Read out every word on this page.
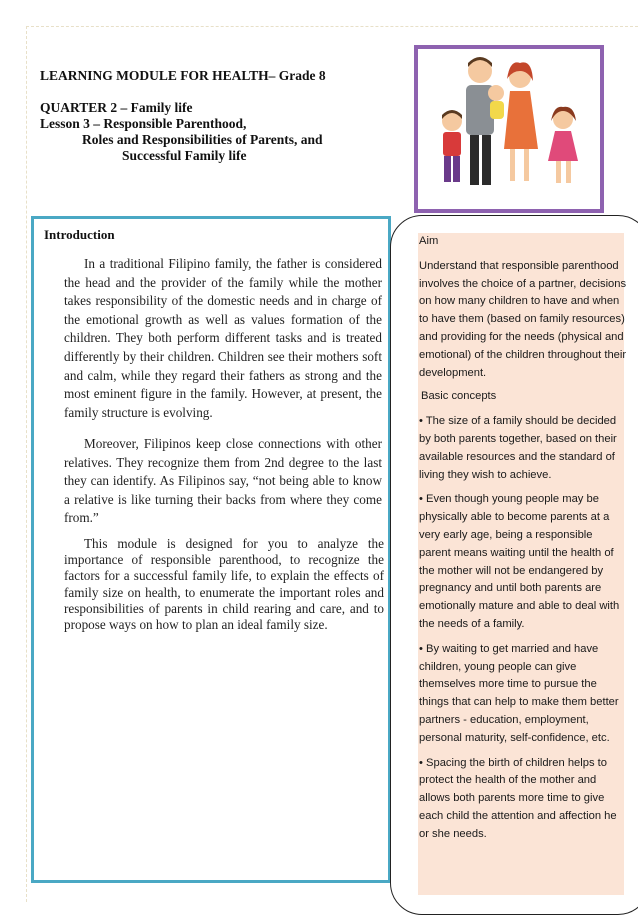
LEARNING MODULE FOR HEALTH– Grade 8
QUARTER 2 – Family life
Lesson 3 – Responsible Parenthood,
Roles and Responsibilities of Parents, and
Successful Family life
Introduction
In a traditional Filipino family, the father is considered the head and the provider of the family while the mother takes responsibility of the domestic needs and in charge of the emotional growth as well as values formation of the children. They both perform different tasks and is treated differently by their children. Children see their mothers soft and calm, while they regard their fathers as strong and the most eminent figure in the family. However, at present, the family structure is evolving.
Moreover, Filipinos keep close connections with other relatives. They recognize them from 2nd degree to the last they can identify. As Filipinos say, “not being able to know a relative is like turning their backs from where they come from.”
This module is designed for you to analyze the importance of responsible parenthood, to recognize the factors for a successful family life, to explain the effects of family size on health, to enumerate the important roles and responsibilities of parents in child rearing and care, and to propose ways on how to plan an ideal family size.

Aim

Understand that responsible parenthood involves the choice of a partner, decisions on how many children to have and when to have them (based on family resources) and providing for the needs (physical and emotional) of the children throughout their development.

Basic concepts

• The size of a family should be decided by both parents together, based on their available resources and the standard of living they wish to achieve.

• Even though young people may be physically able to become parents at a very early age, being a responsible parent means waiting until the health of the mother will not be endangered by pregnancy and until both parents are emotionally mature and able to deal with the needs of a family.

• By waiting to get married and have children, young people can give themselves more time to pursue the things that can help to make them better partners - education, employment, personal maturity, self-confidence, etc.

• Spacing the birth of children helps to protect the health of the mother and allows both parents more time to give each child the attention and affection he or she needs.
